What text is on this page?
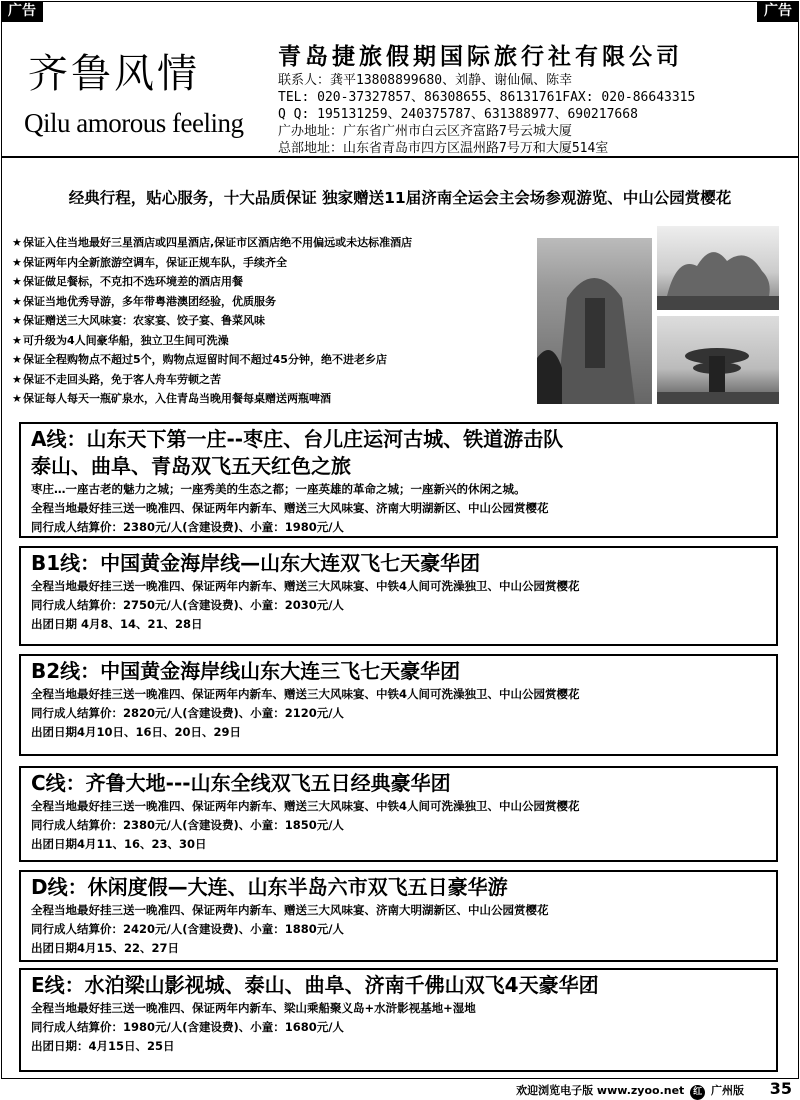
广告	广告
齐鲁风情
Qilu amorous feeling
青岛捷旅假期国际旅行社有限公司
联系人：龚平13808899680、刘静、谢仙佩、陈幸
TEL: 020-37327857、86308655、86131761FAX: 020-86643315
Q Q: 195131259、240375787、631388977、690217668
广办地址：广东省广州市白云区齐富路7号云城大厦
总部地址：山东省青岛市四方区温州路7号万和大厦514室
经典行程，贴心服务，十大品质保证 独家赠送11届济南全运会主会场参观游览、中山公园赏樱花
★保证入住当地最好三星酒店或四星酒店,保证市区酒店绝不用偏远或未达标准酒店
★保证两年内全新旅游空调车，保证正规车队，手续齐全
★保证做足餐标，不克扣不选环境差的酒店用餐
★保证当地优秀导游，多年带粤港澳团经验，优质服务
★保证赠送三大风味宴：农家宴、饺子宴、鲁菜风味
★可升级为4人间豪华船，独立卫生间可洗澡
★保证全程购物点不超过5个，购物点逗留时间不超过45分钟，绝不进老乡店
★保证不走回头路，免于客人舟车劳顿之苦
★保证每人每天一瓶矿泉水，入住青岛当晚用餐每桌赠送两瓶啤酒
A线：山东天下第一庄--枣庄、台儿庄运河古城、铁道游击队
泰山、曲阜、青岛双飞五天红色之旅

枣庄…一座古老的魅力之城；一座秀美的生态之都；一座英雄的革命之城；一座新兴的休闲之城。

全程当地最好挂三送一晚准四、保证两年内新车、赠送三大风味宴、济南大明湖新区、中山公园赏樱花

同行成人结算价：2380元/人(含建设费)、小童：1980元/人

B1线：中国黄金海岸线—山东大连双飞七天豪华团

全程当地最好挂三送一晚准四、保证两年内新车、赠送三大风味宴、中铁4人间可洗澡独卫、中山公园赏樱花

同行成人结算价：2750元/人(含建设费)、小童：2030元/人

出团日期 4月8、14、21、28日

B2线：中国黄金海岸线山东大连三飞七天豪华团

全程当地最好挂三送一晚准四、保证两年内新车、赠送三大风味宴、中铁4人间可洗澡独卫、中山公园赏樱花

同行成人结算价：2820元/人(含建设费)、小童：2120元/人

出团日期4月10日、16日、20日、29日

C线：齐鲁大地---山东全线双飞五日经典豪华团

全程当地最好挂三送一晚准四、保证两年内新车、赠送三大风味宴、中铁4人间可洗澡独卫、中山公园赏樱花

同行成人结算价：2380元/人(含建设费)、小童：1850元/人

出团日期4月11、16、23、30日

D线：休闲度假—大连、山东半岛六市双飞五日豪华游

全程当地最好挂三送一晚准四、保证两年内新车、赠送三大风味宴、济南大明湖新区、中山公园赏樱花

同行成人结算价：2420元/人(含建设费)、小童：1880元/人

出团日期4月15、22、27日

E线：水泊梁山影视城、泰山、曲阜、济南千佛山双飞4天豪华团

全程当地最好挂三送一晚准四、保证两年内新车、梁山乘船聚义岛+水浒影视基地+湿地

同行成人结算价：1980元/人(含建设费)、小童：1680元/人

出团日期：4月15日、25日

欢迎浏览电子版 www.zyoo.net 红 广州版 35
